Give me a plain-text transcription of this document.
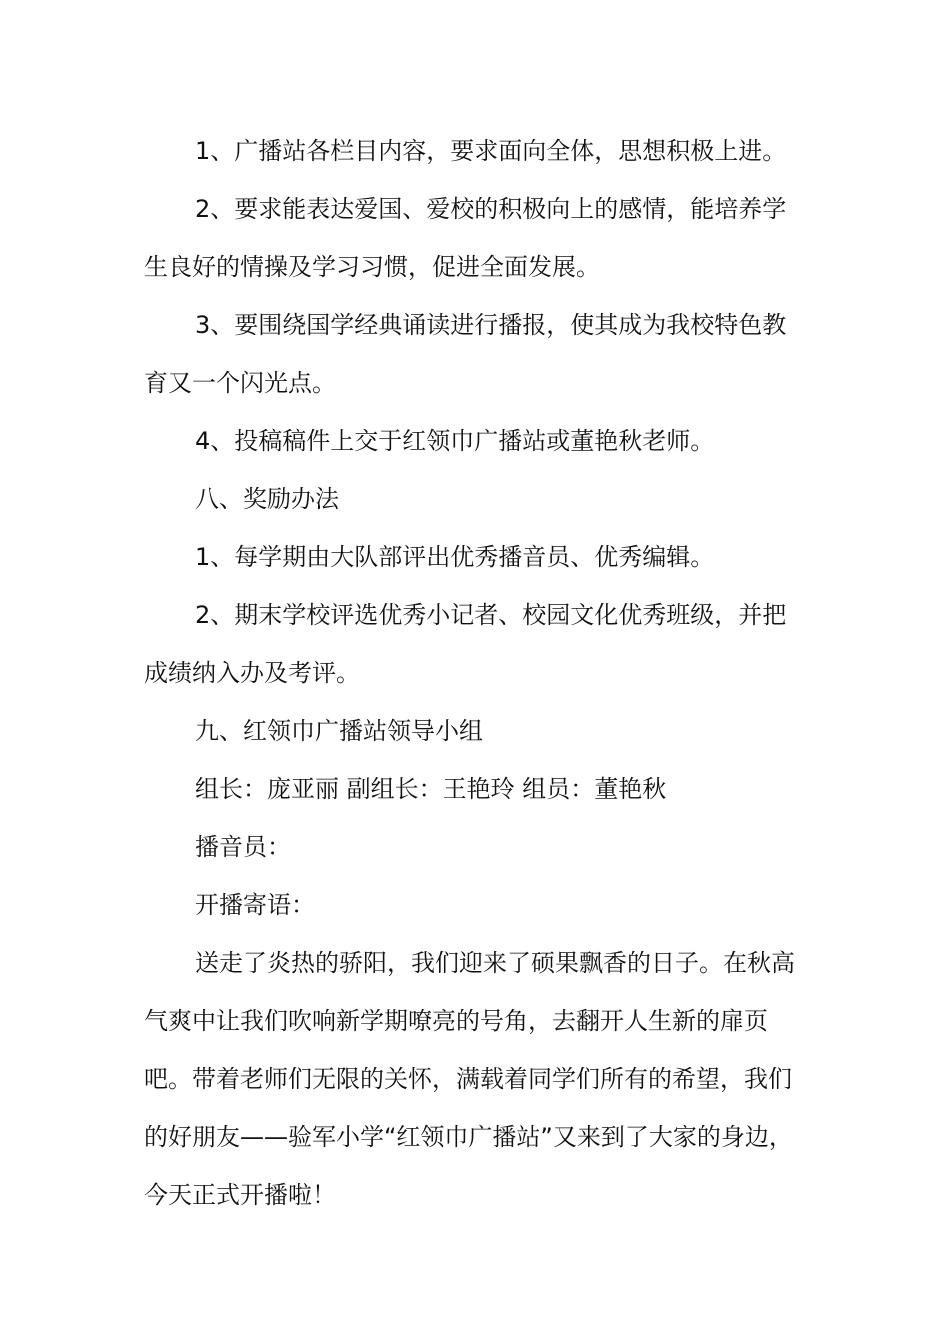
1、广播站各栏目内容，要求面向全体，思想积极上进。

2、要求能表达爱国、爱校的积极向上的感情，能培养学生良好的情操及学习习惯，促进全面发展。

3、要围绕国学经典诵读进行播报，使其成为我校特色教育又一个闪光点。

4、投稿稿件上交于红领巾广播站或董艳秋老师。

八、奖励办法

1、每学期由大队部评出优秀播音员、优秀编辑。

2、期末学校评选优秀小记者、校园文化优秀班级，并把成绩纳入办及考评。

九、红领巾广播站领导小组

组长：庞亚丽 副组长：王艳玲 组员：董艳秋

播音员：

开播寄语：

送走了炎热的骄阳，我们迎来了硕果飘香的日子。在秋高气爽中让我们吹响新学期嘹亮的号角，去翻开人生新的扉页吧。带着老师们无限的关怀，满载着同学们所有的希望，我们的好朋友——验军小学“红领巾广播站”又来到了大家的身边，今天正式开播啦！
